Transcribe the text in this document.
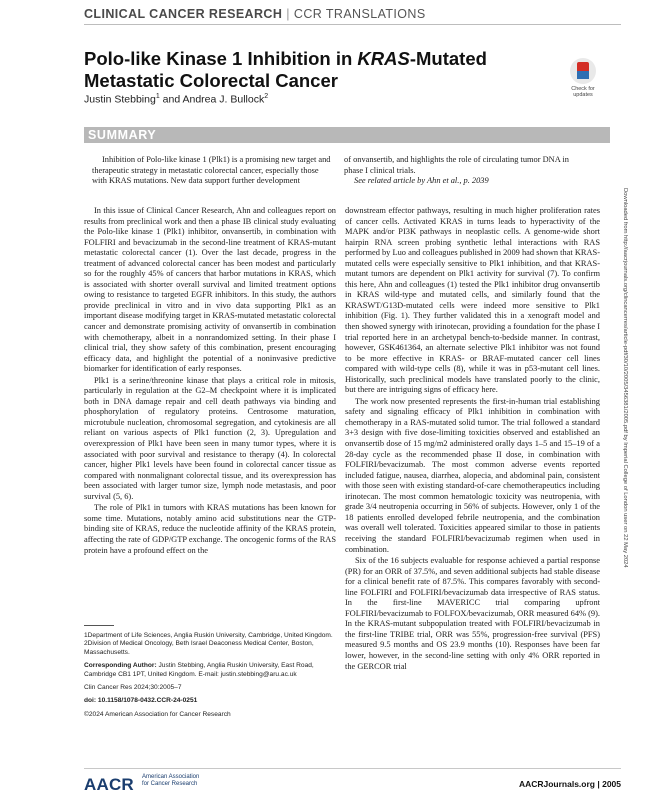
CLINICAL CANCER RESEARCH | CCR TRANSLATIONS
Polo-like Kinase 1 Inhibition in KRAS-Mutated Metastatic Colorectal Cancer
Justin Stebbing$^1$ and Andrea J. Bullock$^2$
Check for updates
SUMMARY
Inhibition of Polo-like kinase 1 (Plk1) is a promising new target and therapeutic strategy in metastatic colorectal cancer, especially those with KRAS mutations. New data support further development
of onvansertib, and highlights the role of circulating tumor DNA in phase I clinical trials.
See related article by Ahn et al., p. 2039

In this issue of Clinical Cancer Research, Ahn and colleagues report on results from preclinical work and then a phase IB clinical study evaluating the Polo-like kinase 1 (Plk1) inhibitor, onvansertib, in combination with FOLFIRI and bevacizumab in the second-line treatment of KRAS-mutant metastatic colorectal cancer (1). Over the last decade, progress in the treatment of advanced colorectal cancer has been modest and particularly so for the roughly 45% of cancers that harbor mutations in KRAS, which is associated with shorter overall survival and limited treatment options owing to resistance to targeted EGFR inhibitors. In this study, the authors provide preclinical in vitro and in vivo data supporting Plk1 as an important disease modifying target in KRAS-mutated metastatic colorectal cancer and demonstrate promising activity of onvansertib in combination with chemotherapy, albeit in a nonrandomized setting. In their phase I clinical trial, they show safety of this combination, present encouraging efficacy data, and highlight the potential of a noninvasive predictive biomarker for identification of early responses.

Plk1 is a serine/threonine kinase that plays a critical role in mitosis, particularly in regulation at the G2–M checkpoint where it is implicated both in DNA damage repair and cell death pathways via binding and phosphorylation of regulatory proteins. Centrosome maturation, microtubule nucleation, chromosomal segregation, and cytokinesis are all reliant on various aspects of Plk1 function (2, 3). Upregulation and overexpression of Plk1 have been seen in many tumor types, where it is associated with poor survival and resistance to therapy (4). In colorectal cancer, higher Plk1 levels have been found in colorectal cancer tissue as compared with nonmalignant colorectal tissue, and its overexpression has been associated with larger tumor size, lymph node metastasis, and poor survival (5, 6).

The role of Plk1 in tumors with KRAS mutations has been known for some time. Mutations, notably amino acid substitutions near the GTP-binding site of KRAS, reduce the nucleotide affinity of the KRAS protein, affecting the rate of GDP/GTP exchange. The oncogenic forms of the RAS protein have a profound effect on the

downstream effector pathways, resulting in much higher proliferation rates of cancer cells. Activated KRAS in turns leads to hyperactivity of the MAPK and/or PI3K pathways in neoplastic cells. A genome-wide short hairpin RNA screen probing synthetic lethal interactions with RAS performed by Luo and colleagues published in 2009 had shown that KRAS-mutated cells were especially sensitive to Plk1 inhibition, and that KRAS-mutant tumors are dependent on Plk1 activity for survival (7). To confirm this here, Ahn and colleagues (1) tested the Plk1 inhibitor drug onvansertib in KRAS wild-type and mutated cells, and similarly found that the KRASWT/G13D-mutated cells were indeed more sensitive to Plk1 inhibition (Fig. 1). They further validated this in a xenograft model and then showed synergy with irinotecan, providing a foundation for the phase I trial reported here in an archetypal bench-to-bedside manner. In contrast, however, GSK461364, an alternate selective Plk1 inhibitor was not found to be more effective in KRAS- or BRAF-mutated cancer cell lines compared with wild-type cells (8), while it was in p53-mutant cell lines. Historically, such preclinical models have translated poorly to the clinic, but there are intriguing signs of efficacy here.

The work now presented represents the first-in-human trial establishing safety and signaling efficacy of Plk1 inhibition in combination with chemotherapy in a RAS-mutated solid tumor. The trial followed a standard 3+3 design with five dose-limiting toxicities observed and established an onvansertib dose of 15 mg/m2 administered orally days 1–5 and 15–19 of a 28-day cycle as the recommended phase II dose, in combination with FOLFIRI/bevacizumab. The most common adverse events reported included fatigue, nausea, diarrhea, alopecia, and abdominal pain, consistent with those seen with existing standard-of-care chemotherapeutics including irinotecan. The most common hematologic toxicity was neutropenia, with grade 3/4 neutropenia occurring in 56% of subjects. However, only 1 of the 18 patients enrolled developed febrile neutropenia, and the combination was overall well tolerated. Toxicities appeared similar to those in patients receiving the standard FOLFIRI/bevacizumab regimen when used in combination.

Six of the 16 subjects evaluable for response achieved a partial response (PR) for an ORR of 37.5%, and seven additional subjects had stable disease for a clinical benefit rate of 87.5%. This compares favorably with second-line FOLFIRI and FOLFIRI/bevacizumab data irrespective of RAS status. In the first-line MAVERICC trial comparing upfront FOLFIRI/bevacizumab to FOLFOX/bevacizumab, ORR measured 64% (9). In the KRAS-mutant subpopulation treated with FOLFIRI/bevacizumab in the first-line TRIBE trial, ORR was 55%, progression-free survival (PFS) measured 9.5 months and OS 23.9 months (10). Responses have been far lower, however, in the second-line setting with only 4% ORR reported in the GERCOR trial

1Department of Life Sciences, Anglia Ruskin University, Cambridge, United Kingdom. 2Division of Medical Oncology, Beth Israel Deaconess Medical Center, Boston, Massachusetts.
Corresponding Author: Justin Stebbing, Anglia Ruskin University, East Road, Cambridge CB1 1PT, United Kingdom. E-mail: justin.stebbing@aru.ac.uk
Clin Cancer Res 2024;30:2005–7
doi: 10.1158/1078-0432.CCR-24-0251
©2024 American Association for Cancer Research
AACR American Association
for Cancer Research	AACRJournals.org | 2005
Downloaded from http://aacrjournals.org/clincancerres/article-pdf/30/10/2005/3456381/2005.pdf by Imperial College of London user on 22 May 2024
